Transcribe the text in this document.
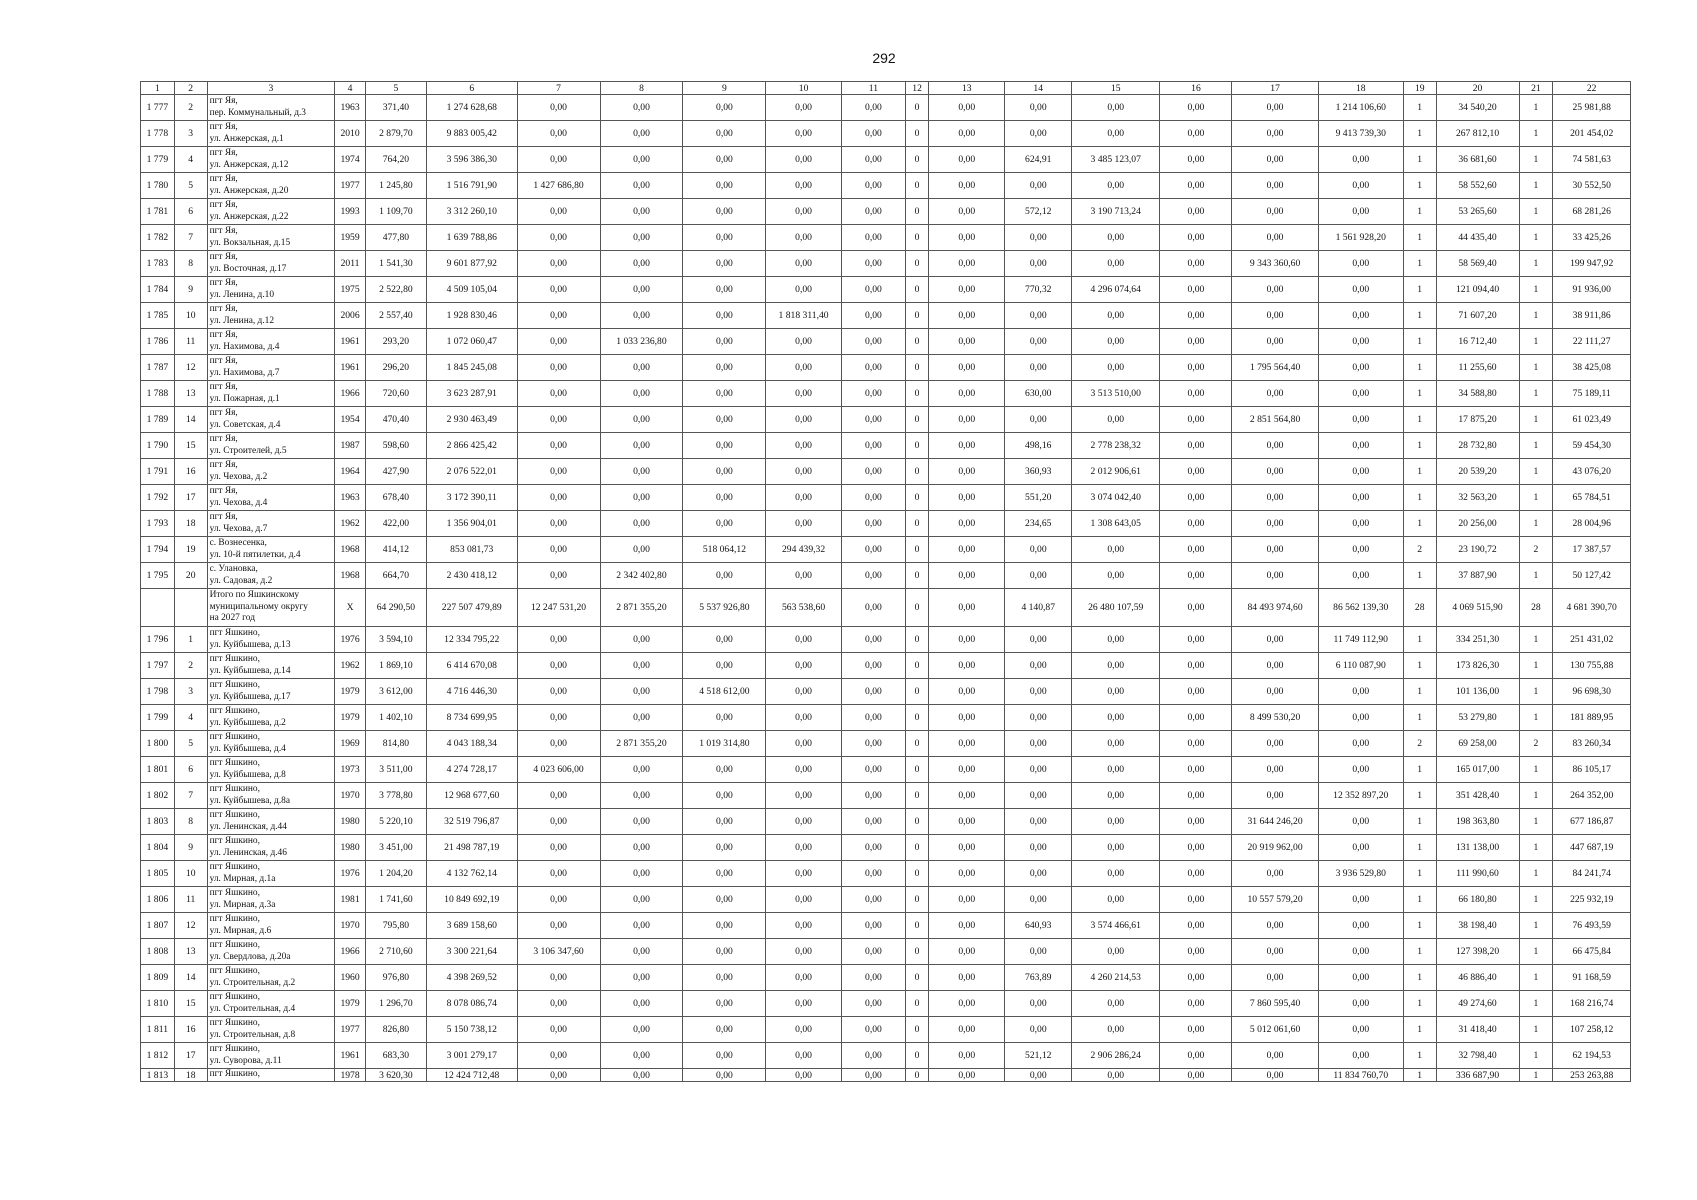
292
1	2	3	4	5	6	7	8	9	10	11	12	13	14	15	16	17	18	19	20	21	22
1 777	2	пгт Яя,
пер. Коммунальный, д.3	1963	371,40	1 274 628,68	0,00	0,00	0,00	0,00	0,00	0	0,00	0,00	0,00	0,00	0,00	1 214 106,60	1	34 540,20	1	25 981,88
1 778	3	пгт Яя,
ул. Анжерская, д.1	2010	2 879,70	9 883 005,42	0,00	0,00	0,00	0,00	0,00	0	0,00	0,00	0,00	0,00	0,00	9 413 739,30	1	267 812,10	1	201 454,02
1 779	4	пгт Яя,
ул. Анжерская, д.12	1974	764,20	3 596 386,30	0,00	0,00	0,00	0,00	0,00	0	0,00	624,91	3 485 123,07	0,00	0,00	0,00	1	36 681,60	1	74 581,63
1 780	5	пгт Яя,
ул. Анжерская, д.20	1977	1 245,80	1 516 791,90	1 427 686,80	0,00	0,00	0,00	0,00	0	0,00	0,00	0,00	0,00	0,00	0,00	1	58 552,60	1	30 552,50
1 781	6	пгт Яя,
ул. Анжерская, д.22	1993	1 109,70	3 312 260,10	0,00	0,00	0,00	0,00	0,00	0	0,00	572,12	3 190 713,24	0,00	0,00	0,00	1	53 265,60	1	68 281,26
1 782	7	пгт Яя,
ул. Вокзальная, д.15	1959	477,80	1 639 788,86	0,00	0,00	0,00	0,00	0,00	0	0,00	0,00	0,00	0,00	0,00	1 561 928,20	1	44 435,40	1	33 425,26
1 783	8	пгт Яя,
ул. Восточная, д.17	2011	1 541,30	9 601 877,92	0,00	0,00	0,00	0,00	0,00	0	0,00	0,00	0,00	0,00	9 343 360,60	0,00	1	58 569,40	1	199 947,92
1 784	9	пгт Яя,
ул. Ленина, д.10	1975	2 522,80	4 509 105,04	0,00	0,00	0,00	0,00	0,00	0	0,00	770,32	4 296 074,64	0,00	0,00	0,00	1	121 094,40	1	91 936,00
1 785	10	пгт Яя,
ул. Ленина, д.12	2006	2 557,40	1 928 830,46	0,00	0,00	0,00	1 818 311,40	0,00	0	0,00	0,00	0,00	0,00	0,00	0,00	1	71 607,20	1	38 911,86
1 786	11	пгт Яя,
ул. Нахимова, д.4	1961	293,20	1 072 060,47	0,00	1 033 236,80	0,00	0,00	0,00	0	0,00	0,00	0,00	0,00	0,00	0,00	1	16 712,40	1	22 111,27
1 787	12	пгт Яя,
ул. Нахимова, д.7	1961	296,20	1 845 245,08	0,00	0,00	0,00	0,00	0,00	0	0,00	0,00	0,00	0,00	1 795 564,40	0,00	1	11 255,60	1	38 425,08
1 788	13	пгт Яя,
ул. Пожарная, д.1	1966	720,60	3 623 287,91	0,00	0,00	0,00	0,00	0,00	0	0,00	630,00	3 513 510,00	0,00	0,00	0,00	1	34 588,80	1	75 189,11
1 789	14	пгт Яя,
ул. Советская, д.4	1954	470,40	2 930 463,49	0,00	0,00	0,00	0,00	0,00	0	0,00	0,00	0,00	0,00	2 851 564,80	0,00	1	17 875,20	1	61 023,49
1 790	15	пгт Яя,
ул. Строителей, д.5	1987	598,60	2 866 425,42	0,00	0,00	0,00	0,00	0,00	0	0,00	498,16	2 778 238,32	0,00	0,00	0,00	1	28 732,80	1	59 454,30
1 791	16	пгт Яя,
ул. Чехова, д.2	1964	427,90	2 076 522,01	0,00	0,00	0,00	0,00	0,00	0	0,00	360,93	2 012 906,61	0,00	0,00	0,00	1	20 539,20	1	43 076,20
1 792	17	пгт Яя,
ул. Чехова, д.4	1963	678,40	3 172 390,11	0,00	0,00	0,00	0,00	0,00	0	0,00	551,20	3 074 042,40	0,00	0,00	0,00	1	32 563,20	1	65 784,51
1 793	18	пгт Яя,
ул. Чехова, д.7	1962	422,00	1 356 904,01	0,00	0,00	0,00	0,00	0,00	0	0,00	234,65	1 308 643,05	0,00	0,00	0,00	1	20 256,00	1	28 004,96
1 794	19	с. Вознесенка,
ул. 10-й пятилетки, д.4	1968	414,12	853 081,73	0,00	0,00	518 064,12	294 439,32	0,00	0	0,00	0,00	0,00	0,00	0,00	0,00	2	23 190,72	2	17 387,57
1 795	20	с. Улановка,
ул. Садовая, д.2	1968	664,70	2 430 418,12	0,00	2 342 402,80	0,00	0,00	0,00	0	0,00	0,00	0,00	0,00	0,00	0,00	1	37 887,90	1	50 127,42

		Итого по Яшкинскому
муниципальному округу
на 2027 год	X	64 290,50	227 507 479,89	12 247 531,20	2 871 355,20	5 537 926,80	563 538,60	0,00	0	0,00	4 140,87	26 480 107,59	0,00	84 493 974,60	86 562 139,30	28	4 069 515,90	28	4 681 390,70
1 796	1	пгт Яшкино,
ул. Куйбышева, д.13	1976	3 594,10	12 334 795,22	0,00	0,00	0,00	0,00	0,00	0	0,00	0,00	0,00	0,00	0,00	11 749 112,90	1	334 251,30	1	251 431,02
1 797	2	пгт Яшкино,
ул. Куйбышева, д.14	1962	1 869,10	6 414 670,08	0,00	0,00	0,00	0,00	0,00	0	0,00	0,00	0,00	0,00	0,00	6 110 087,90	1	173 826,30	1	130 755,88
1 798	3	пгт Яшкино,
ул. Куйбышева, д.17	1979	3 612,00	4 716 446,30	0,00	0,00	4 518 612,00	0,00	0,00	0	0,00	0,00	0,00	0,00	0,00	0,00	1	101 136,00	1	96 698,30
1 799	4	пгт Яшкино,
ул. Куйбышева, д.2	1979	1 402,10	8 734 699,95	0,00	0,00	0,00	0,00	0,00	0	0,00	0,00	0,00	0,00	8 499 530,20	0,00	1	53 279,80	1	181 889,95
1 800	5	пгт Яшкино,
ул. Куйбышева, д.4	1969	814,80	4 043 188,34	0,00	2 871 355,20	1 019 314,80	0,00	0,00	0	0,00	0,00	0,00	0,00	0,00	0,00	2	69 258,00	2	83 260,34
1 801	6	пгт Яшкино,
ул. Куйбышева, д.8	1973	3 511,00	4 274 728,17	4 023 606,00	0,00	0,00	0,00	0,00	0	0,00	0,00	0,00	0,00	0,00	0,00	1	165 017,00	1	86 105,17
1 802	7	пгт Яшкино,
ул. Куйбышева, д.8а	1970	3 778,80	12 968 677,60	0,00	0,00	0,00	0,00	0,00	0	0,00	0,00	0,00	0,00	0,00	12 352 897,20	1	351 428,40	1	264 352,00
1 803	8	пгт Яшкино,
ул. Ленинская, д.44	1980	5 220,10	32 519 796,87	0,00	0,00	0,00	0,00	0,00	0	0,00	0,00	0,00	0,00	31 644 246,20	0,00	1	198 363,80	1	677 186,87
1 804	9	пгт Яшкино,
ул. Ленинская, д.46	1980	3 451,00	21 498 787,19	0,00	0,00	0,00	0,00	0,00	0	0,00	0,00	0,00	0,00	20 919 962,00	0,00	1	131 138,00	1	447 687,19
1 805	10	пгт Яшкино,
ул. Мирная, д.1а	1976	1 204,20	4 132 762,14	0,00	0,00	0,00	0,00	0,00	0	0,00	0,00	0,00	0,00	0,00	3 936 529,80	1	111 990,60	1	84 241,74
1 806	11	пгт Яшкино,
ул. Мирная, д.3а	1981	1 741,60	10 849 692,19	0,00	0,00	0,00	0,00	0,00	0	0,00	0,00	0,00	0,00	10 557 579,20	0,00	1	66 180,80	1	225 932,19
1 807	12	пгт Яшкино,
ул. Мирная, д.6	1970	795,80	3 689 158,60	0,00	0,00	0,00	0,00	0,00	0	0,00	640,93	3 574 466,61	0,00	0,00	0,00	1	38 198,40	1	76 493,59
1 808	13	пгт Яшкино,
ул. Свердлова, д.20а	1966	2 710,60	3 300 221,64	3 106 347,60	0,00	0,00	0,00	0,00	0	0,00	0,00	0,00	0,00	0,00	0,00	1	127 398,20	1	66 475,84
1 809	14	пгт Яшкино,
ул. Строительная, д.2	1960	976,80	4 398 269,52	0,00	0,00	0,00	0,00	0,00	0	0,00	763,89	4 260 214,53	0,00	0,00	0,00	1	46 886,40	1	91 168,59
1 810	15	пгт Яшкино,
ул. Строительная, д.4	1979	1 296,70	8 078 086,74	0,00	0,00	0,00	0,00	0,00	0	0,00	0,00	0,00	0,00	7 860 595,40	0,00	1	49 274,60	1	168 216,74
1 811	16	пгт Яшкино,
ул. Строительная, д.8	1977	826,80	5 150 738,12	0,00	0,00	0,00	0,00	0,00	0	0,00	0,00	0,00	0,00	5 012 061,60	0,00	1	31 418,40	1	107 258,12
1 812	17	пгт Яшкино,
ул. Суворова, д.11	1961	683,30	3 001 279,17	0,00	0,00	0,00	0,00	0,00	0	0,00	521,12	2 906 286,24	0,00	0,00	0,00	1	32 798,40	1	62 194,53
1 813	18	пгт Яшкино,	1978	3 620,30	12 424 712,48	0,00	0,00	0,00	0,00	0,00	0	0,00	0,00	0,00	0,00	0,00	11 834 760,70	1	336 687,90	1	253 263,88
